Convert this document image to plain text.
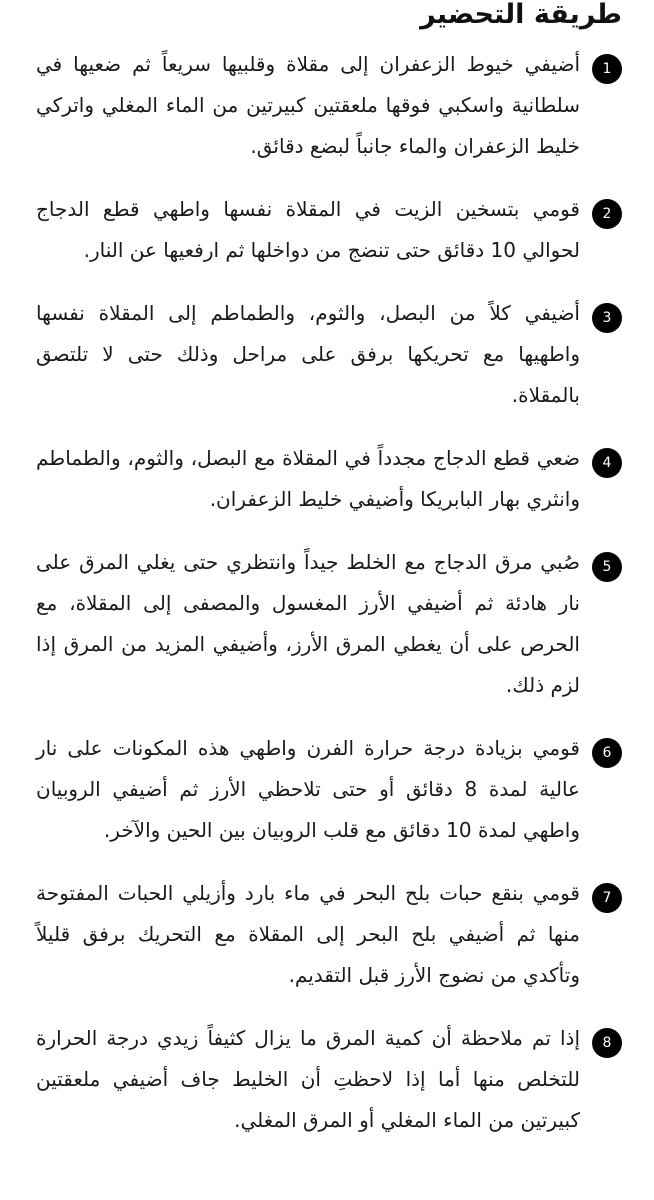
طريقة التحضير
1

أضيفي خيوط الزعفران إلى مقلاة وقلبيها سريعاً ثم ضعيها في سلطانية واسكبي فوقها ملعقتين كبيرتين من الماء المغلي واتركي خليط الزعفران والماء جانباً لبضع دقائق.

2

قومي بتسخين الزيت في المقلاة نفسها واطهي قطع الدجاج لحوالي 10 دقائق حتى تنضج من دواخلها ثم ارفعيها عن النار.

3

أضيفي كلاً من البصل، والثوم، والطماطم إلى المقلاة نفسها واطهيها مع تحريكها برفق على مراحل وذلك حتى لا تلتصق بالمقلاة.

4

ضعي قطع الدجاج مجدداً في المقلاة مع البصل، والثوم، والطماطم وانثري بهار البابريكا وأضيفي خليط الزعفران.

5

صُبي مرق الدجاج مع الخلط جيداً وانتظري حتى يغلي المرق على نار هادئة ثم أضيفي الأرز المغسول والمصفى إلى المقلاة، مع الحرص على أن يغطي المرق الأرز، وأضيفي المزيد من المرق إذا لزم ذلك.

6

قومي بزيادة درجة حرارة الفرن واطهي هذه المكونات على نار عالية لمدة 8 دقائق أو حتى تلاحظي الأرز ثم أضيفي الروبيان واطهي لمدة 10 دقائق مع قلب الروبيان بين الحين والآخر.

7

قومي بنقع حبات بلح البحر في ماء بارد وأزيلي الحبات المفتوحة منها ثم أضيفي بلح البحر إلى المقلاة مع التحريك برفق قليلاً وتأكدي من نضوج الأرز قبل التقديم.

8

إذا تم ملاحظة أن كمية المرق ما يزال كثيفاً زيدي درجة الحرارة للتخلص منها أما إذا لاحظتِ أن الخليط جاف أضيفي ملعقتين كبيرتين من الماء المغلي أو المرق المغلي.
